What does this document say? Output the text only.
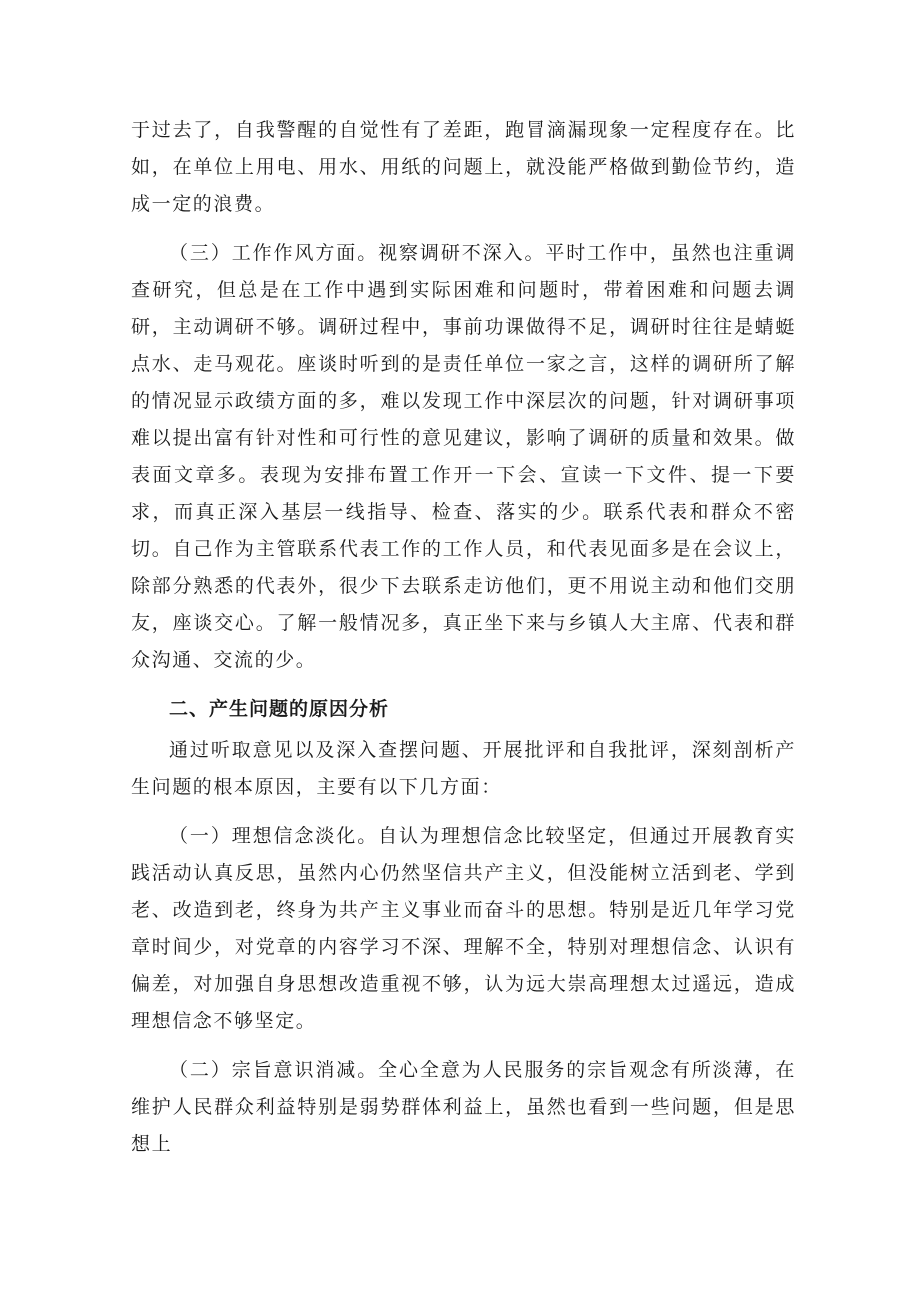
于过去了，自我警醒的自觉性有了差距，跑冒滴漏现象一定程度存在。比如，在单位上用电、用水、用纸的问题上，就没能严格做到勤俭节约，造成一定的浪费。

（三）工作作风方面。视察调研不深入。平时工作中，虽然也注重调查研究，但总是在工作中遇到实际困难和问题时，带着困难和问题去调研，主动调研不够。调研过程中，事前功课做得不足，调研时往往是蜻蜓点水、走马观花。座谈时听到的是责任单位一家之言，这样的调研所了解的情况显示政绩方面的多，难以发现工作中深层次的问题，针对调研事项难以提出富有针对性和可行性的意见建议，影响了调研的质量和效果。做表面文章多。表现为安排布置工作开一下会、宣读一下文件、提一下要求，而真正深入基层一线指导、检查、落实的少。联系代表和群众不密切。自己作为主管联系代表工作的工作人员，和代表见面多是在会议上，除部分熟悉的代表外，很少下去联系走访他们，更不用说主动和他们交朋友，座谈交心。了解一般情况多，真正坐下来与乡镇人大主席、代表和群众沟通、交流的少。

二、产生问题的原因分析

通过听取意见以及深入查摆问题、开展批评和自我批评，深刻剖析产生问题的根本原因，主要有以下几方面：

（一）理想信念淡化。自认为理想信念比较坚定，但通过开展教育实践活动认真反思，虽然内心仍然坚信共产主义，但没能树立活到老、学到老、改造到老，终身为共产主义事业而奋斗的思想。特别是近几年学习党章时间少，对党章的内容学习不深、理解不全，特别对理想信念、认识有偏差，对加强自身思想改造重视不够，认为远大崇高理想太过遥远，造成理想信念不够坚定。

（二）宗旨意识消减。全心全意为人民服务的宗旨观念有所淡薄，在维护人民群众利益特别是弱势群体利益上，虽然也看到一些问题，但是思想上
